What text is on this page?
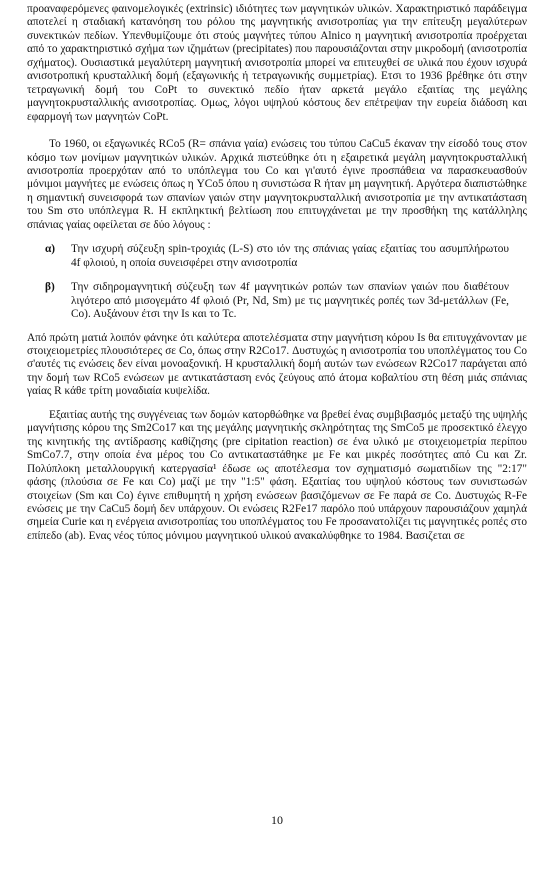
προαναφερόμενες φαινομελογικές (extrinsic) ιδιότητες των μαγνητικών υλικών. Χαρακτηριστικό παράδειγμα αποτελεί η σταδιακή κατανόηση του ρόλου της μαγνητικής ανισοτροπίας για την επίτευξη μεγαλύτερων συνεκτικών πεδίων. Υπενθυμίζουμε ότι στούς μαγνήτες τύπου Alnico η μαγνητική ανισοτροπία προέρχεται από το χαρακτηριστικό σχήμα των ιζημάτων (precipitates) που παρουσιάζονται στην μικροδομή (ανισοτροπία σχήματος). Ουσιαστικά μεγαλύτερη μαγνητική ανισοτροπία μπορεί να επιτευχθεί σε υλικά που έχουν ισχυρά ανισοτροπική κρυσταλλική δομή (εξαγωνικής ή τετραγωνικής συμμετρίας). Ετσι το 1936 βρέθηκε ότι στην τετραγωνική δομή του CoPt το συνεκτικό πεδίο ήταν αρκετά μεγάλο εξαιτίας της μεγάλης μαγνητοκρυσταλλικής ανισοτροπίας. Ομως, λόγοι υψηλού κόστους δεν επέτρεψαν την ευρεία διάδοση και εφαρμογή των μαγνητών CoPt.

Το 1960, οι εξαγωνικές RCo5 (R= σπάνια γαία) ενώσεις του τύπου CaCu5 έκαναν την είσοδό τους στον κόσμο των μονίμων μαγνητικών υλικών. Αρχικά πιστεύθηκε ότι η εξαιρετικά μεγάλη μαγνητοκρυσταλλική ανισοτροπία προερχόταν από το υπόπλεγμα του Co και γι'αυτό έγινε προσπάθεια να παρασκευασθούν μόνιμοι μαγνήτες με ενώσεις όπως η YCo5 όπου η συνιστώσα R ήταν μη μαγνητική. Αργότερα διαπιστώθηκε η σημαντική συνεισφορά των σπανίων γαιών στην μαγνητοκρυσταλλική ανισοτροπία με την αντικατάσταση του Sm στο υπόπλεγμα R. Η εκπληκτική βελτίωση που επιτυγχάνεται με την προσθήκη της κατάλληλης σπάνιας γαίας οφείλεται σε δύο λόγους :

α)	Την ισχυρή σύζευξη spin-τροχιάς (L-S) στο ιόν της σπάνιας γαίας εξαιτίας του ασυμπλήρωτου 4f φλοιού, η οποία συνεισφέρει στην ανισοτροπία
β)	Την σιδηρομαγνητική σύζευξη των 4f μαγνητικών ροπών των σπανίων γαιών που διαθέτουν λιγότερο από μισογεμάτο 4f φλοιό (Pr, Nd, Sm) με τις μαγνητικές ροπές των 3d-μετάλλων (Fe, Co). Αυξάνουν έτσι την Is και το Tc.

Από πρώτη ματιά λοιπόν φάνηκε ότι καλύτερα αποτελέσματα στην μαγνήτιση κόρου Is θα επιτυγχάνονταν με στοιχειομετρίες πλουσιότερες σε Co, όπως στην R2Co17. Δυστυχώς η ανισοτροπία του υποπλέγματος του Co σ'αυτές τις ενώσεις δεν είναι μονοαξονική. Η κρυσταλλική δομή αυτών των ενώσεων R2Co17 παράγεται από την δομή των RCo5 ενώσεων με αντικατάσταση ενός ζεύγους από άτομα κοβαλτίου στη θέση μιάς σπάνιας γαίας R κάθε τρίτη μοναδιαία κυψελίδα.

Εξαιτίας αυτής της συγγένειας των δομών κατορθώθηκε να βρεθεί ένας συμβιβασμός μεταξύ της υψηλής μαγνήτισης κόρου της Sm2Co17 και της μεγάλης μαγνητικής σκληρότητας της SmCo5 με προσεκτικό έλεγχο της κινητικής της αντίδρασης καθίζησης (pre cipitation reaction) σε ένα υλικό με στοιχειομετρία περίπου SmCo7.7, στην οποία ένα μέρος του Co αντικαταστάθηκε με Fe και μικρές ποσότητες από Cu και Zr. Πολύπλοκη μεταλλουργική κατεργασία¹ έδωσε ως αποτέλεσμα τον σχηματισμό σωματιδίων της "2:17" φάσης (πλούσια σε Fe και Co) μαζί με την "1:5" φάση. Εξαιτίας του υψηλού κόστους των συνιστωσών στοιχείων (Sm και Co) έγινε επιθυμητή η χρήση ενώσεων βασιζόμενων σε Fe παρά σε Co. Δυστυχώς R-Fe ενώσεις με την CaCu5 δομή δεν υπάρχουν. Οι ενώσεις R2Fe17 παρόλο πού υπάρχουν παρουσιάζουν χαμηλά σημεία Curie και η ενέργεια ανισοτροπίας του υποπλέγματος του Fe προσανατολίζει τις μαγνητικές ροπές στο επίπεδο (ab). Ενας νέος τύπος μόνιμου μαγνητικού υλικού ανακαλύφθηκε το 1984. Βασιζεται σε

10
